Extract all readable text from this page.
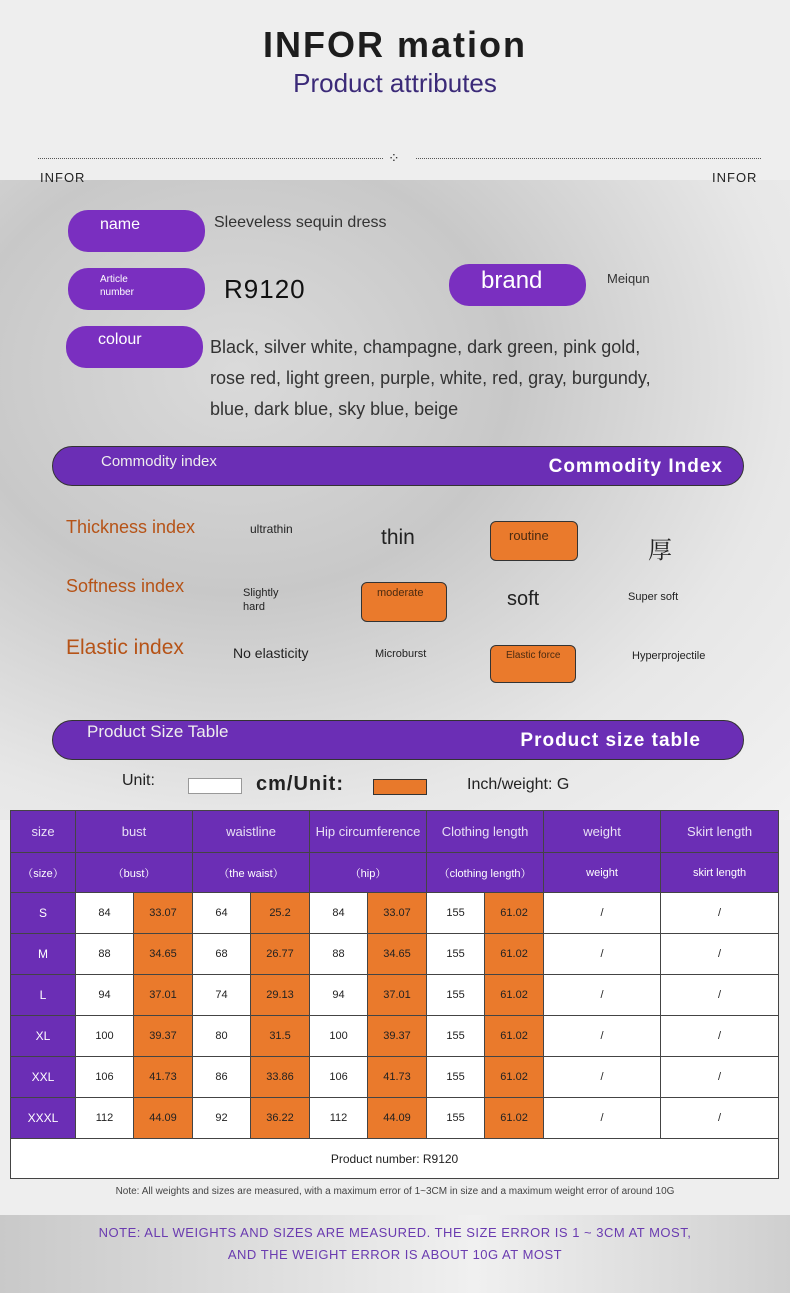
INFOR mation
Product attributes
⁘
INFOR	INFOR
name	Sleeveless sequin dress
Article
number	R9120	brand	Meiqun
colour	Black, silver white, champagne, dark green, pink gold,
rose red, light green, purple, white, red, gray, burgundy,
blue, dark blue, sky blue, beige
Commodity index	Commodity Index
Thickness index	ultrathin	thin	routine
厚
Softness index	Slightly hard
moderate	soft	Super soft
Elastic index	No elasticity	Microburst	Elastic force	Hyperprojectile
Product Size Table	Product size table
Unit:	cm/Unit:	Inch/weight: G
size	bust		waistline		Hip circumference		Clothing length		weight	Skirt length
（size）	（bust）		（the waist）		（hip）		（clothing length）		weight	skirt length
S	84	33.07	64	25.2	84	33.07	155	61.02	/	/
M	88	34.65	68	26.77	88	34.65	155	61.02	/	/
L	94	37.01	74	29.13	94	37.01	155	61.02	/	/
XL	100	39.37	80	31.5	100	39.37	155	61.02	/	/
XXL	106	41.73	86	33.86	106	41.73	155	61.02	/	/
XXXL	112	44.09	92	36.22	112	44.09	155	61.02	/	/
Product number: R9120										
Note: All weights and sizes are measured, with a maximum error of 1~3CM in size and a maximum weight error of around 10G
NOTE: ALL WEIGHTS AND SIZES ARE MEASURED. THE SIZE ERROR IS 1 ~ 3CM AT MOST,
AND THE WEIGHT ERROR IS ABOUT 10G AT MOST
